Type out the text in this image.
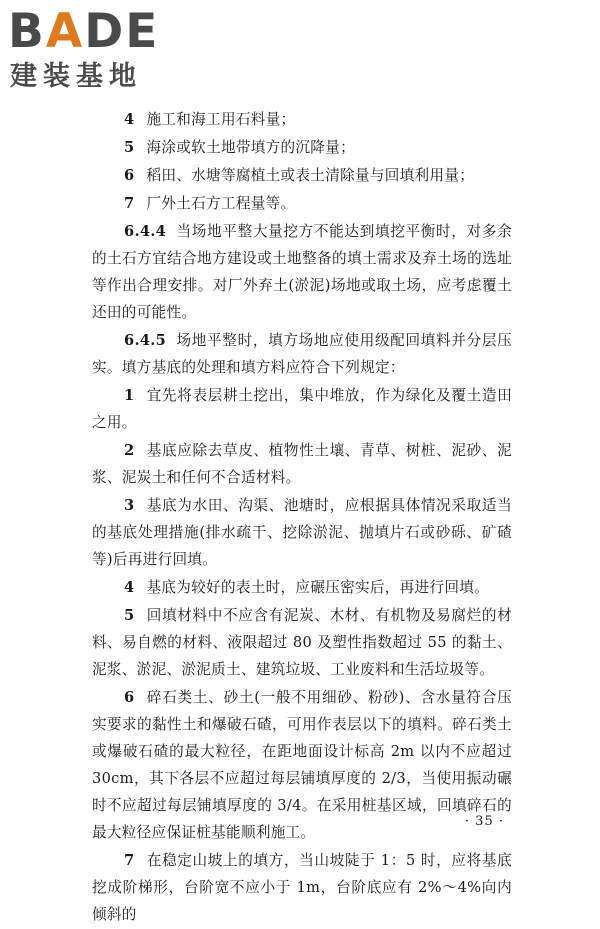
BADE
建装基地

4 施工和海工用石料量；

5 海涂或软土地带填方的沉降量；

6 稻田、水塘等腐植土或表土清除量与回填利用量；

7 厂外土石方工程量等。

6.4.4 当场地平整大量挖方不能达到填挖平衡时，对多余的土石方宜结合地方建设或土地整备的填土需求及弃土场的选址等作出合理安排。对厂外弃土(淤泥)场地或取土场，应考虑覆土还田的可能性。

6.4.5 场地平整时，填方场地应使用级配回填料并分层压实。填方基底的处理和填方料应符合下列规定：

1 宜先将表层耕土挖出，集中堆放，作为绿化及覆土造田之用。

2 基底应除去草皮、植物性土壤、青草、树桩、泥砂、泥浆、泥炭土和任何不合适材料。

3 基底为水田、沟渠、池塘时，应根据具体情况采取适当的基底处理措施(排水疏干、挖除淤泥、抛填片石或砂砾、矿碴等)后再进行回填。

4 基底为较好的表土时，应碾压密实后，再进行回填。

5 回填材料中不应含有泥炭、木材、有机物及易腐烂的材料、易自燃的材料、液限超过 80 及塑性指数超过 55 的黏土、泥浆、淤泥、淤泥质土、建筑垃圾、工业废料和生活垃圾等。

6 碎石类土、砂土(一般不用细砂、粉砂)、含水量符合压实要求的黏性土和爆破石碴，可用作表层以下的填料。碎石类土或爆破石碴的最大粒径，在距地面设计标高 2m 以内不应超过 30cm，其下各层不应超过每层铺填厚度的 2/3，当使用振动碾时不应超过每层铺填厚度的 3/4。在采用桩基区域，回填碎石的最大粒径应保证桩基能顺利施工。

7 在稳定山坡上的填方，当山坡陡于 1：5 时，应将基底挖成阶梯形，台阶宽不应小于 1m，台阶底应有 2%～4%向内倾斜的

· 35 ·
